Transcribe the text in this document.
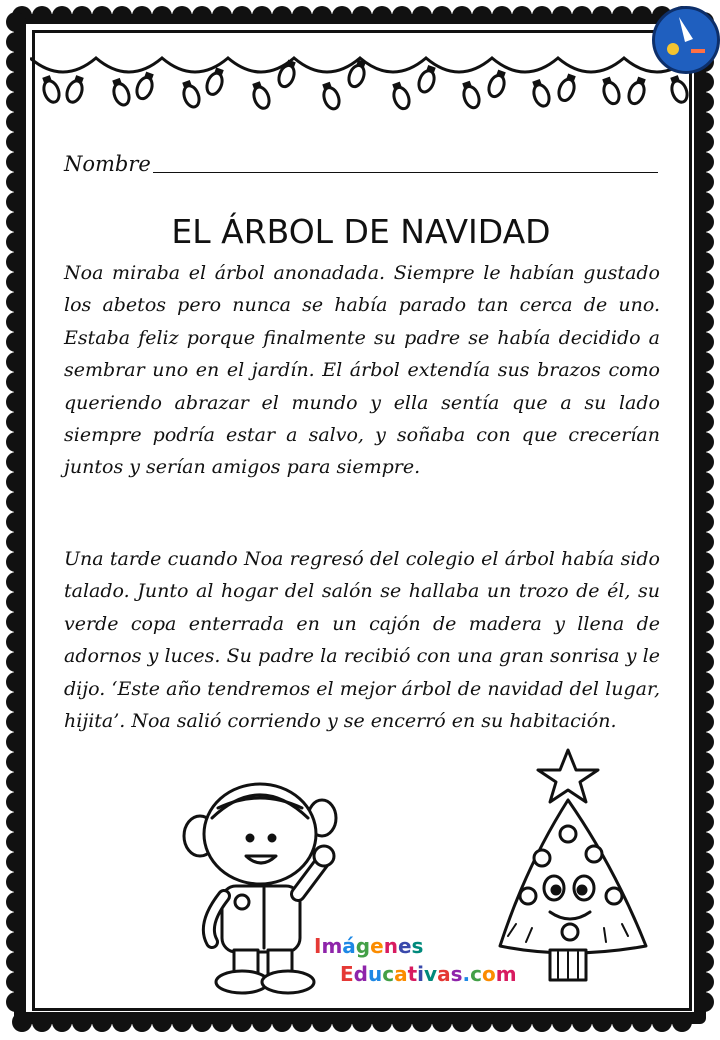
Nombre
EL ÁRBOL DE NAVIDAD

Noa miraba el árbol anonadada. Siempre le habían gustado los abetos pero nunca se había parado tan cerca de uno. Estaba feliz porque finalmente su padre se había decidido a sembrar uno en el jardín. El árbol extendía sus brazos como queriendo abrazar el mundo y ella sentía que a su lado siempre podría estar a salvo, y soñaba con que crecerían juntos y serían amigos para siempre.

Una tarde cuando Noa regresó del colegio el árbol había sido talado. Junto al hogar del salón se hallaba un trozo de él, su verde copa enterrada en un cajón de madera y llena de adornos y luces. Su padre la recibió con una gran sonrisa y le dijo. ‘Este año tendremos el mejor árbol de navidad del lugar, hijita’. Noa salió corriendo y se encerró en su habitación.

Imágenes
Educativas.com
